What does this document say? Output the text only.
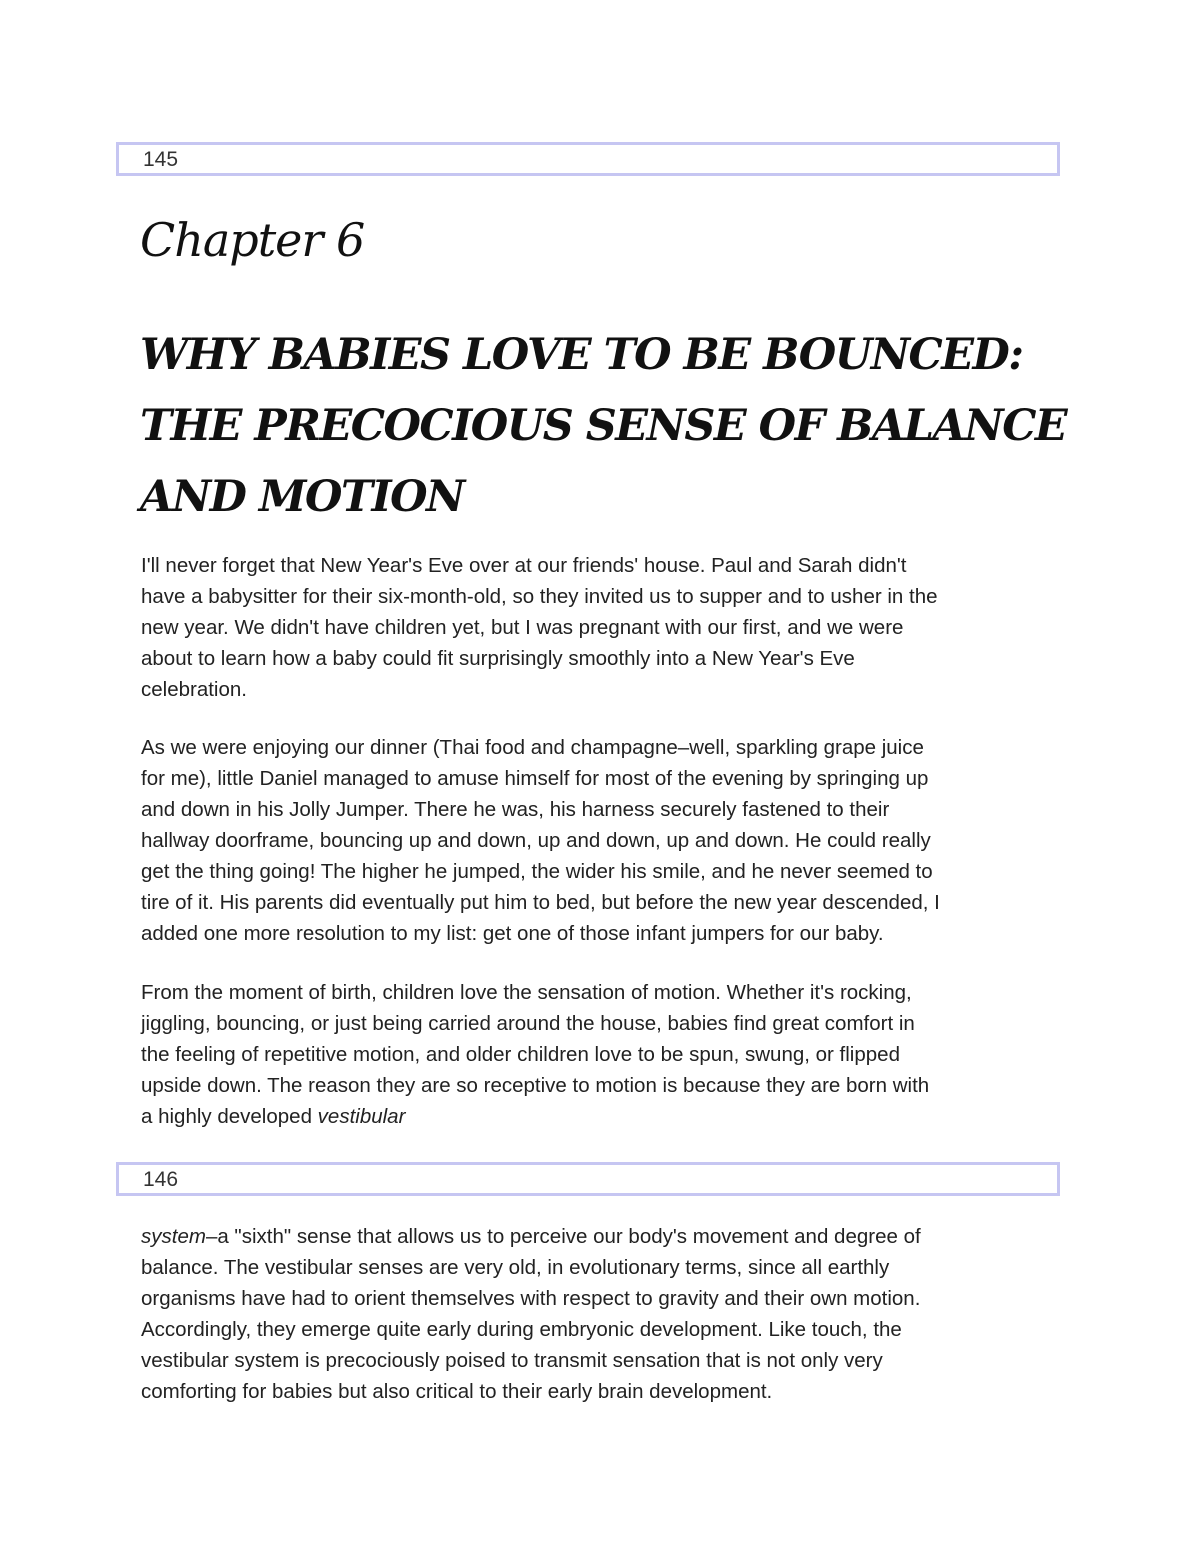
145
Chapter 6
WHY BABIES LOVE TO BE BOUNCED:
THE PRECOCIOUS SENSE OF BALANCE
AND MOTION

I'll never forget that New Year's Eve over at our friends' house. Paul and Sarah didn't
have a babysitter for their six-month-old, so they invited us to supper and to usher in the
new year. We didn't have children yet, but I was pregnant with our first, and we were
about to learn how a baby could fit surprisingly smoothly into a New Year's Eve
celebration.

As we were enjoying our dinner (Thai food and champagne–well, sparkling grape juice
for me), little Daniel managed to amuse himself for most of the evening by springing up
and down in his Jolly Jumper. There he was, his harness securely fastened to their
hallway doorframe, bouncing up and down, up and down, up and down. He could really
get the thing going! The higher he jumped, the wider his smile, and he never seemed to
tire of it. His parents did eventually put him to bed, but before the new year descended, I
added one more resolution to my list: get one of those infant jumpers for our baby.

From the moment of birth, children love the sensation of motion. Whether it's rocking,
jiggling, bouncing, or just being carried around the house, babies find great comfort in
the feeling of repetitive motion, and older children love to be spun, swung, or flipped
upside down. The reason they are so receptive to motion is because they are born with
a highly developed vestibular

146

system–a "sixth" sense that allows us to perceive our body's movement and degree of
balance. The vestibular senses are very old, in evolutionary terms, since all earthly
organisms have had to orient themselves with respect to gravity and their own motion.
Accordingly, they emerge quite early during embryonic development. Like touch, the
vestibular system is precociously poised to transmit sensation that is not only very
comforting for babies but also critical to their early brain development.
